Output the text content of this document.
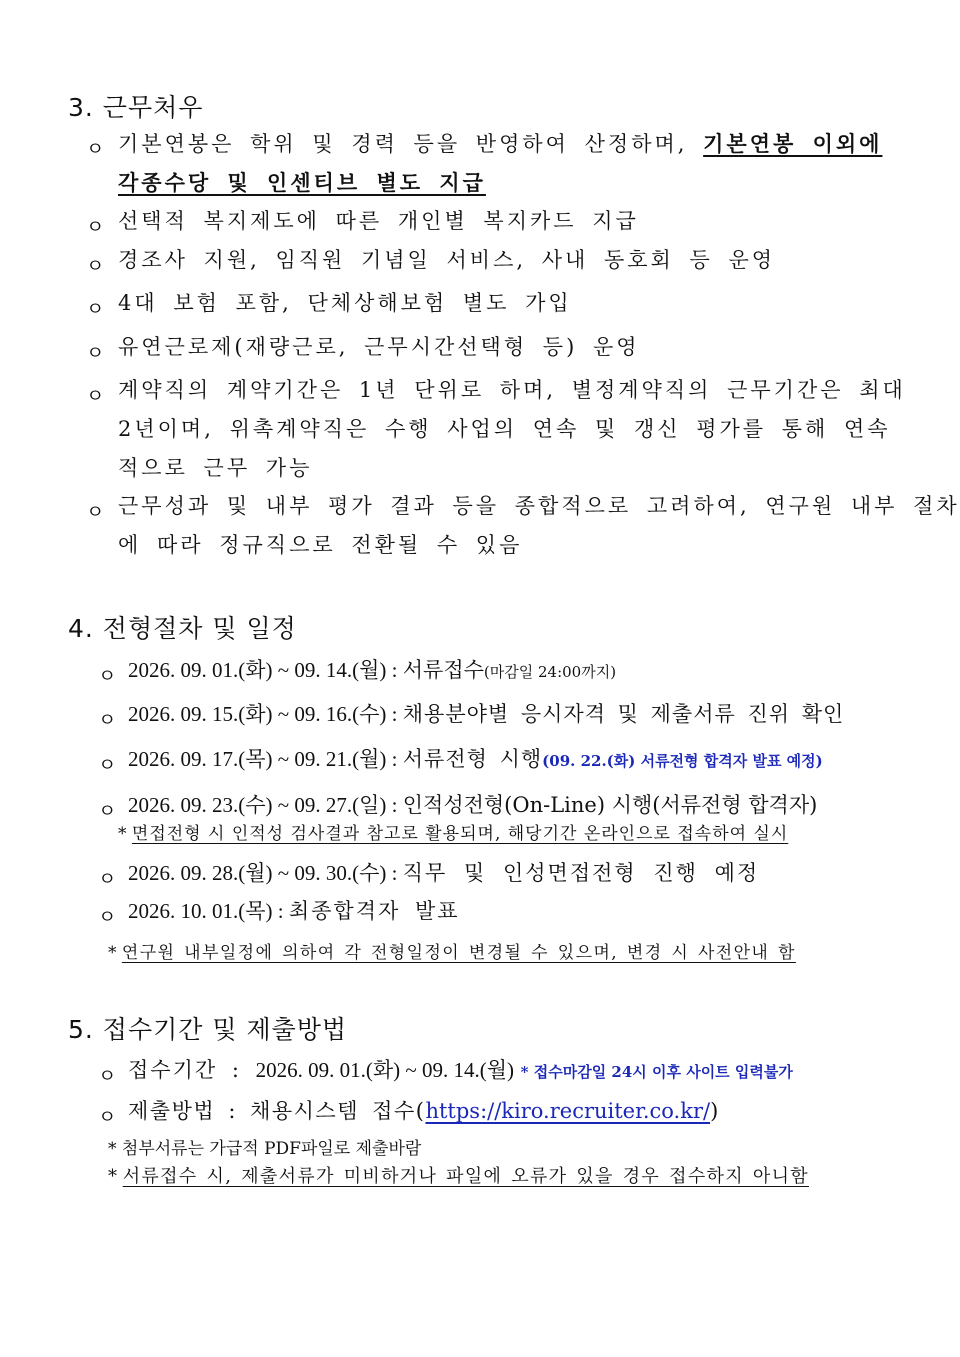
3. 근무처우
ㅇ 기본연봉은 학위 및 경력 등을 반영하여 산정하며, 기본연봉 이외에
각종수당 및 인센티브 별도 지급
ㅇ 선택적 복지제도에 따른 개인별 복지카드 지급
ㅇ 경조사 지원, 임직원 기념일 서비스, 사내 동호회 등 운영
ㅇ 4대 보험 포함, 단체상해보험 별도 가입
ㅇ 유연근로제(재량근로, 근무시간선택형 등) 운영
ㅇ 계약직의 계약기간은 1년 단위로 하며, 별정계약직의 근무기간은 최대
2년이며, 위촉계약직은 수행 사업의 연속 및 갱신 평가를 통해 연속
적으로 근무 가능
ㅇ 근무성과 및 내부 평가 결과 등을 종합적으로 고려하여, 연구원 내부 절차
에 따라 정규직으로 전환될 수 있음
4. 전형절차 및 일정
ㅇ 2026. 09. 01.(화) ~ 09. 14.(월) : 서류접수(마감일 24:00까지)
ㅇ 2026. 09. 15.(화) ~ 09. 16.(수) : 채용분야별 응시자격 및 제출서류 진위 확인
ㅇ 2026. 09. 17.(목) ~ 09. 21.(월) : 서류전형 시행(09. 22.(화) 서류전형 합격자 발표 예정)
ㅇ 2026. 09. 23.(수) ~ 09. 27.(일) : 인적성전형(On-Line) 시행(서류전형 합격자)
* 면접전형 시 인적성 검사결과 참고로 활용되며, 해당기간 온라인으로 접속하여 실시
ㅇ 2026. 09. 28.(월) ~ 09. 30.(수) : 직무 및 인성면접전형 진행 예정
ㅇ 2026. 10. 01.(목) : 최종합격자 발표
* 연구원 내부일정에 의하여 각 전형일정이 변경될 수 있으며, 변경 시 사전안내 함
5. 접수기간 및 제출방법
ㅇ 접수기간 : 2026. 09. 01.(화) ~ 09. 14.(월) * 접수마감일 24시 이후 사이트 입력불가
ㅇ 제출방법 : 채용시스템 접수(https://kiro.recruiter.co.kr/)
* 첨부서류는 가급적 PDF파일로 제출바람
* 서류접수 시, 제출서류가 미비하거나 파일에 오류가 있을 경우 접수하지 아니함
